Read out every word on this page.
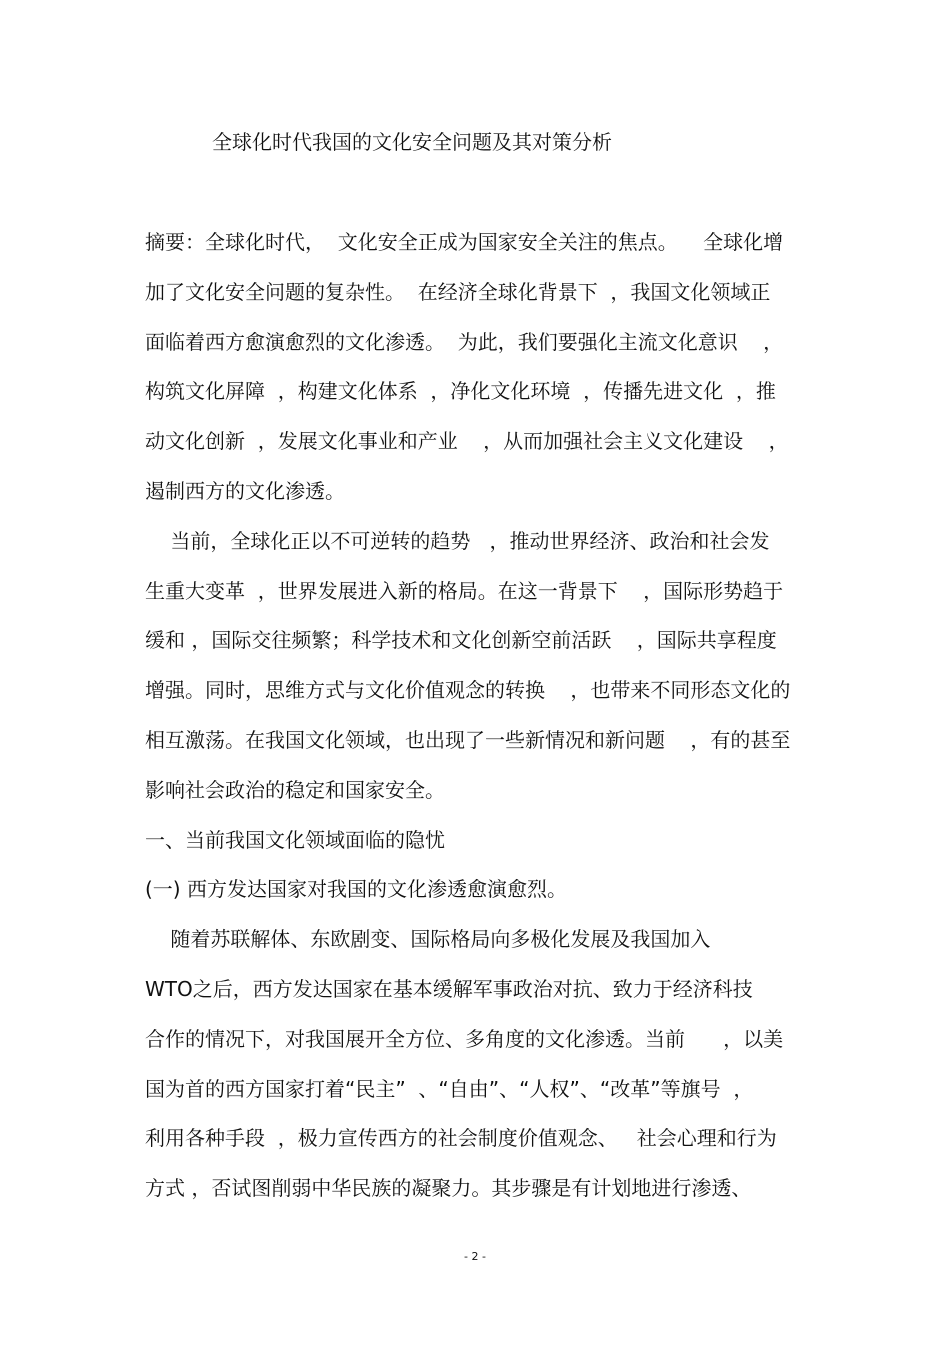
全球化时代我国的文化安全问题及其对策分析
摘要：全球化时代，  文化安全正成为国家安全关注的焦点。    全球化增
加了文化安全问题的复杂性。  在经济全球化背景下  ，我国文化领域正
面临着西方愈演愈烈的文化渗透。  为此，我们要强化主流文化意识    ，
构筑文化屏障  ，构建文化体系  ，净化文化环境  ，传播先进文化  ，推
动文化创新  ，发展文化事业和产业    ，从而加强社会主义文化建设    ，
遏制西方的文化渗透。
当前，全球化正以不可逆转的趋势   ，推动世界经济、政治和社会发
生重大变革  ，世界发展进入新的格局。在这一背景下    ，国际形势趋于
缓和 ，国际交往频繁；科学技术和文化创新空前活跃    ，国际共享程度
增强。同时，思维方式与文化价值观念的转换    ，也带来不同形态文化的
相互激荡。在我国文化领域，也出现了一些新情况和新问题    ，有的甚至
影响社会政治的稳定和国家安全。
一、当前我国文化领域面临的隐忧
(一) 西方发达国家对我国的文化渗透愈演愈烈。
随着苏联解体、东欧剧变、国际格局向多极化发展及我国加入
WTO之后，西方发达国家在基本缓解军事政治对抗、致力于经济科技
合作的情况下，对我国展开全方位、多角度的文化渗透。当前      ，以美
国为首的西方国家打着“民主”  、“自由”、“人权”、“改革”等旗号  ，
利用各种手段  ，极力宣传西方的社会制度价值观念、   社会心理和行为
方式 ，否试图削弱中华民族的凝聚力。其步骤是有计划地进行渗透、
- 2 -
